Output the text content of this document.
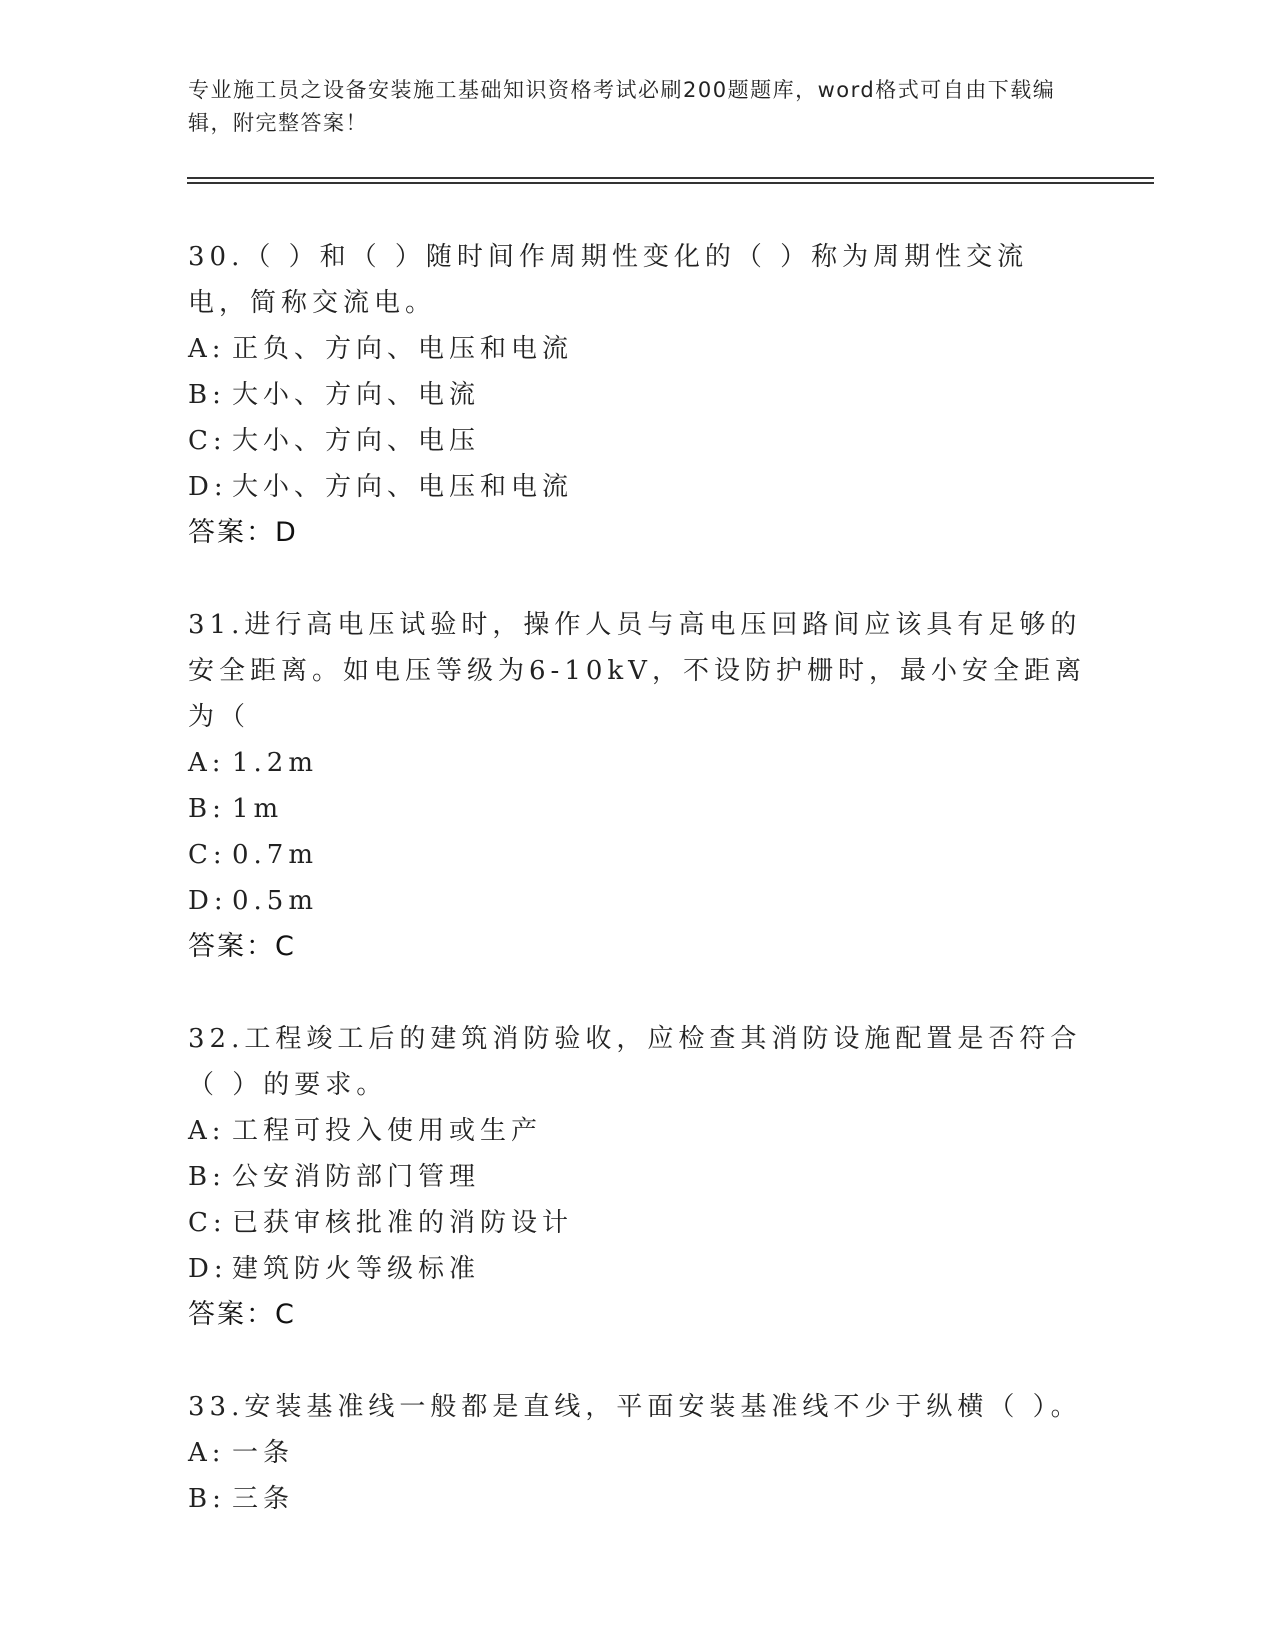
专业施工员之设备安装施工基础知识资格考试必刷200题题库，word格式可自由下载编辑，附完整答案！

30.（ ）和（ ）随时间作周期性变化的（ ）称为周期性交流电，简称交流电。

A: 正负、方向、电压和电流
B: 大小、方向、电流
C: 大小、方向、电压
D: 大小、方向、电压和电流
答案：D

31.进行高电压试验时，操作人员与高电压回路间应该具有足够的安全距离。如电压等级为6-10kV，不设防护栅时，最小安全距离为（

A: 1.2m
B: 1m
C: 0.7m
D: 0.5m
答案：C

32.工程竣工后的建筑消防验收，应检查其消防设施配置是否符合（ ）的要求。

A: 工程可投入使用或生产
B: 公安消防部门管理
C: 已获审核批准的消防设计
D: 建筑防火等级标准
答案：C

33.安装基准线一般都是直线，平面安装基准线不少于纵横（ ）。

A: 一条
B: 三条
